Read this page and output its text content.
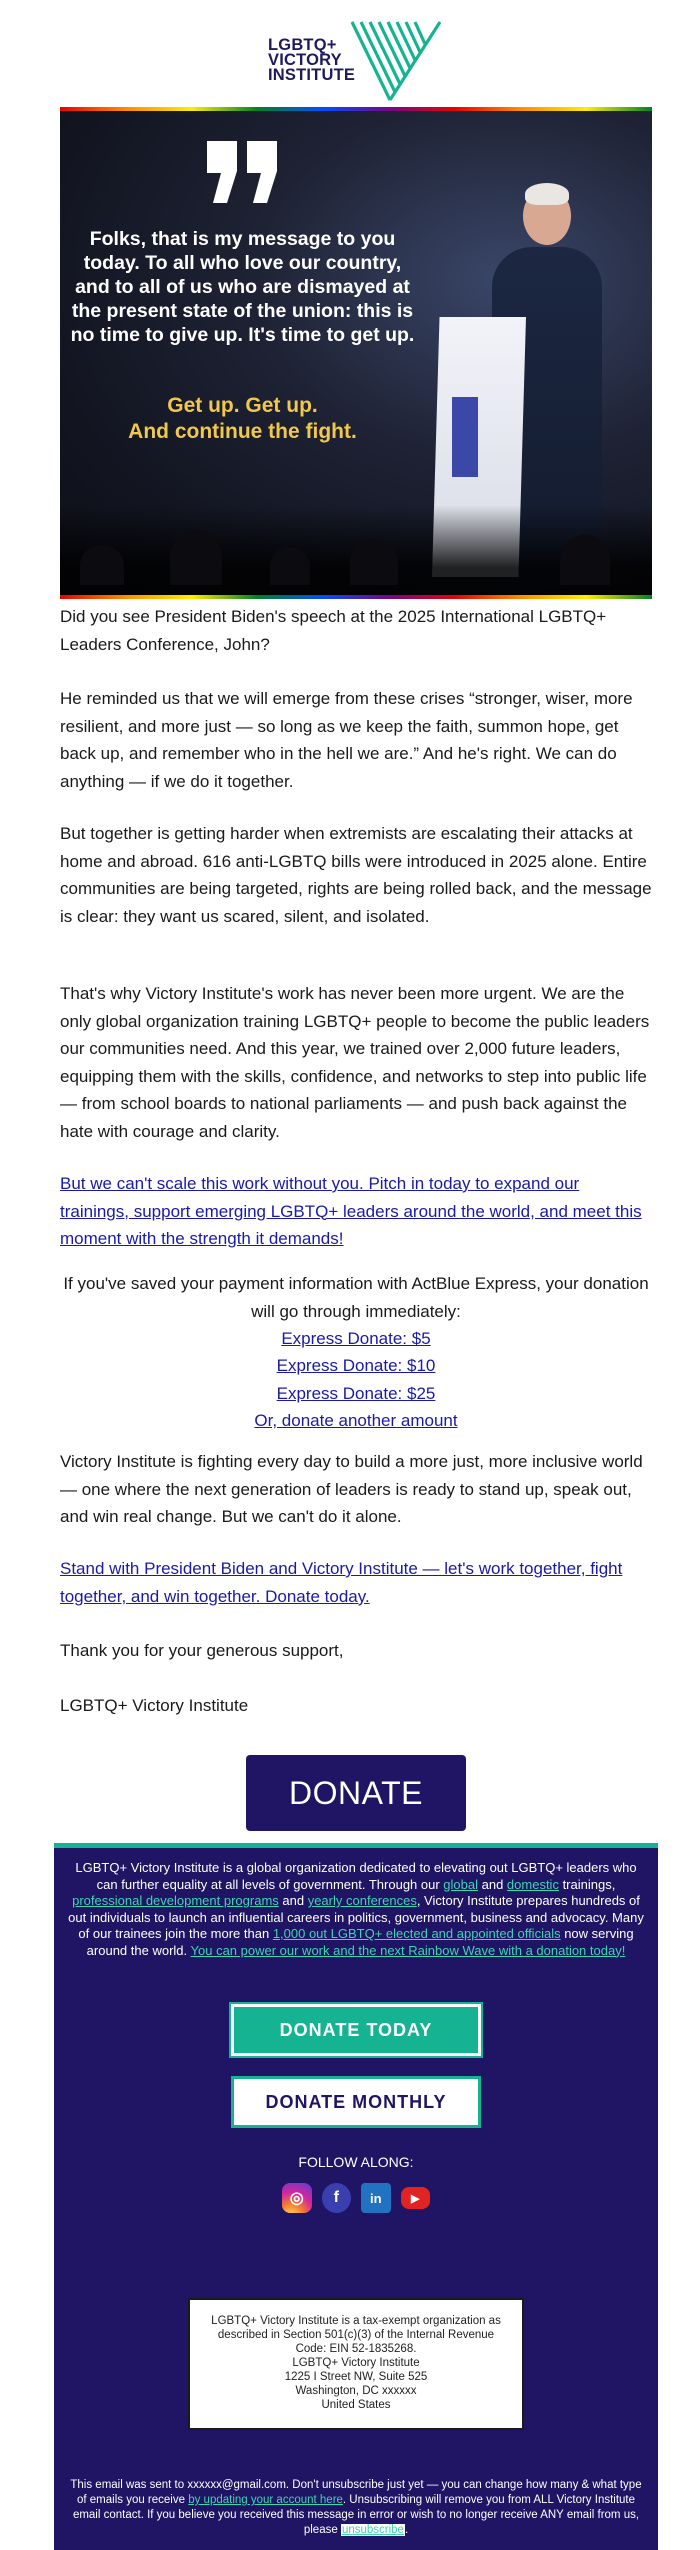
LGBTQ+
VICTORY
INSTITUTE
Folks, that is my message to you today. To all who love our country, and to all of us who are dismayed at the present state of the union: this is no time to give up. It's time to get up.
Get up. Get up.
And continue the fight.

Did you see President Biden's speech at the 2025 International LGBTQ+ Leaders Conference, John?

He reminded us that we will emerge from these crises “stronger, wiser, more resilient, and more just — so long as we keep the faith, summon hope, get back up, and remember who in the hell we are.” And he's right. We can do anything — if we do it together.

But together is getting harder when extremists are escalating their attacks at home and abroad. 616 anti-LGBTQ bills were introduced in 2025 alone. Entire communities are being targeted, rights are being rolled back, and the message is clear: they want us scared, silent, and isolated.

That's why Victory Institute's work has never been more urgent. We are the only global organization training LGBTQ+ people to become the public leaders our communities need. And this year, we trained over 2,000 future leaders, equipping them with the skills, confidence, and networks to step into public life — from school boards to national parliaments — and push back against the hate with courage and clarity.

But we can't scale this work without you. Pitch in today to expand our trainings, support emerging LGBTQ+ leaders around the world, and meet this moment with the strength it demands!

If you've saved your payment information with ActBlue Express, your donation will go through immediately:

Express Donate: $5
Express Donate: $10
Express Donate: $25
Or, donate another amount

Victory Institute is fighting every day to build a more just, more inclusive world — one where the next generation of leaders is ready to stand up, speak out, and win real change. But we can't do it alone.

Stand with President Biden and Victory Institute — let's work together, fight together, and win together. Donate today.

Thank you for your generous support,

LGBTQ+ Victory Institute

DONATE

LGBTQ+ Victory Institute is a global organization dedicated to elevating out LGBTQ+ leaders who can further equality at all levels of government. Through our global and domestic trainings, professional development programs and yearly conferences, Victory Institute prepares hundreds of out individuals to launch an influential careers in politics, government, business and advocacy. Many of our trainees join the more than 1,000 out LGBTQ+ elected and appointed officials now serving around the world. You can power our work and the next Rainbow Wave with a donation today!

DONATE TODAY
DONATE MONTHLY
FOLLOW ALONG:
◎	f	in	▶
LGBTQ+ Victory Institute is a tax-exempt organization as
described in Section 501(c)(3) of the Internal Revenue
Code: EIN 52-1835268.
LGBTQ+ Victory Institute
1225 I Street NW, Suite 525
Washington, DC xxxxxx
United States

This email was sent to xxxxxx@gmail.com. Don't unsubscribe just yet — you can change how many & what type of emails you receive by updating your account here. Unsubscribing will remove you from ALL Victory Institute email contact. If you believe you received this message in error or wish to no longer receive ANY email from us, please unsubscribe.
